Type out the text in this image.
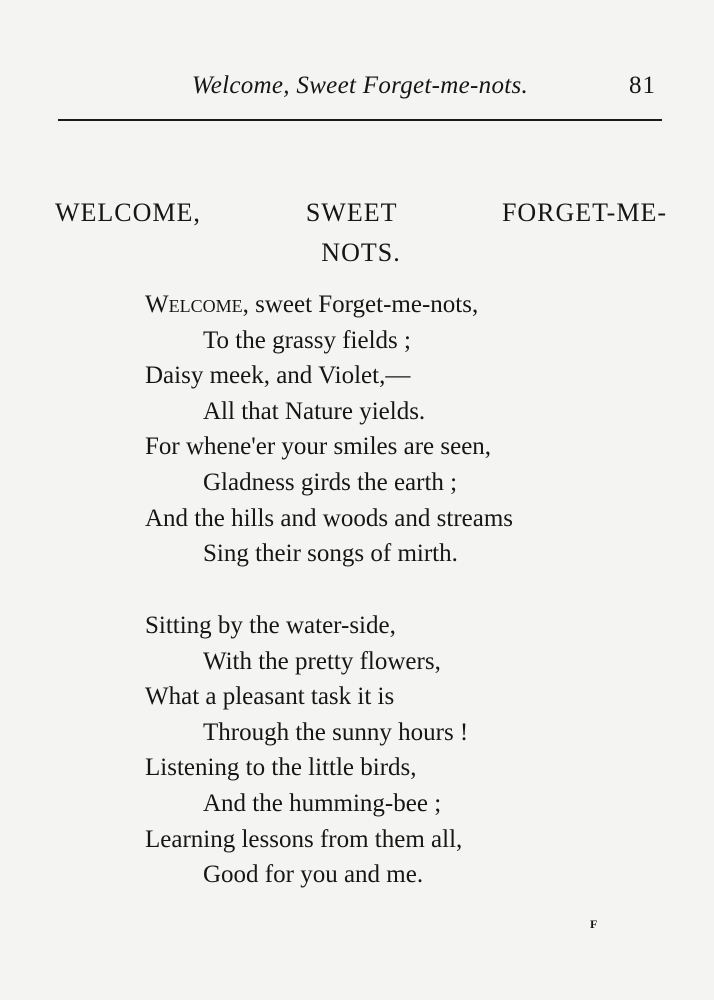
Welcome, Sweet Forget-me-nots.	81
WELCOME, SWEET FORGET-ME-
NOTS.
Welcome, sweet Forget-me-nots,
To the grassy fields ;
Daisy meek, and Violet,—
All that Nature yields.
For whene'er your smiles are seen,
Gladness girds the earth ;
And the hills and woods and streams
Sing their songs of mirth.
Sitting by the water-side,
With the pretty flowers,
What a pleasant task it is
Through the sunny hours !
Listening to the little birds,
And the humming-bee ;
Learning lessons from them all,
Good for you and me.
F
